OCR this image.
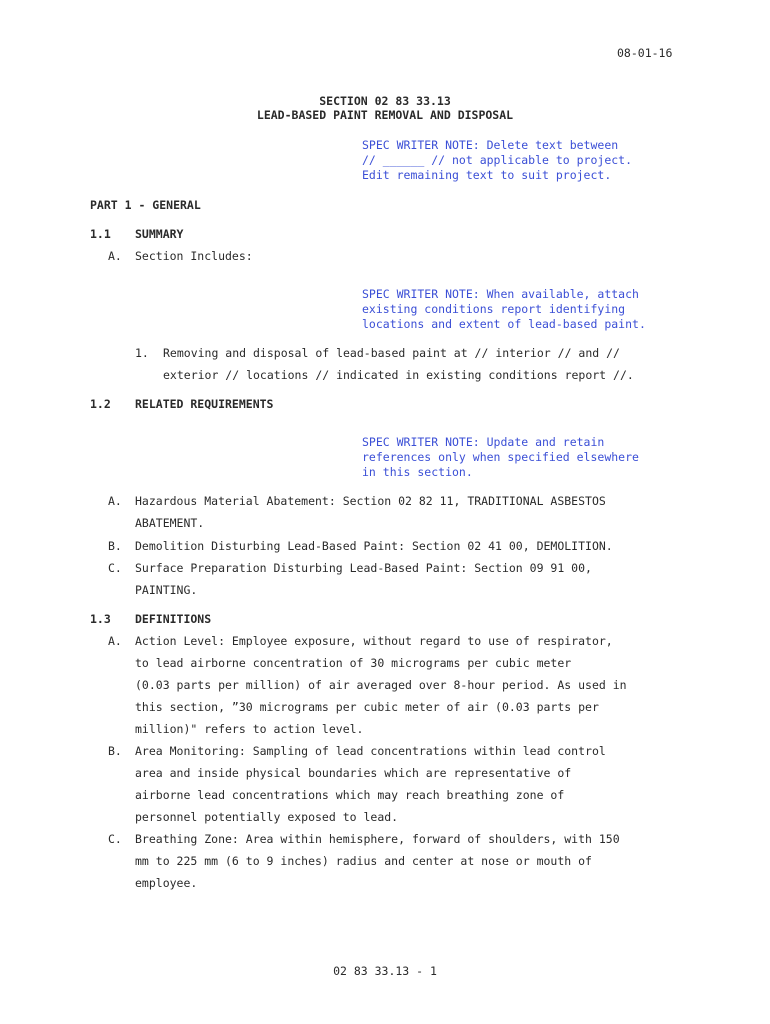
08-01-16
SECTION 02 83 33.13
LEAD-BASED PAINT REMOVAL AND DISPOSAL
SPEC WRITER NOTE: Delete text between
// ______ // not applicable to project.
Edit remaining text to suit project.
PART 1 - GENERAL
1.1 SUMMARY
A. Section Includes:
SPEC WRITER NOTE: When available, attach
existing conditions report identifying
locations and extent of lead-based paint.
1. Removing and disposal of lead-based paint at // interior // and //
exterior // locations // indicated in existing conditions report //.
1.2 RELATED REQUIREMENTS
SPEC WRITER NOTE: Update and retain
references only when specified elsewhere
in this section.
A. Hazardous Material Abatement: Section 02 82 11, TRADITIONAL ASBESTOS
ABATEMENT.
B. Demolition Disturbing Lead-Based Paint: Section 02 41 00, DEMOLITION.
C. Surface Preparation Disturbing Lead-Based Paint: Section 09 91 00,
PAINTING.
1.3 DEFINITIONS
A. Action Level: Employee exposure, without regard to use of respirator,
to lead airborne concentration of 30 micrograms per cubic meter
(0.03 parts per million) of air averaged over 8-hour period. As used in
this section, ”30 micrograms per cubic meter of air (0.03 parts per
million)" refers to action level.
B. Area Monitoring: Sampling of lead concentrations within lead control
area and inside physical boundaries which are representative of
airborne lead concentrations which may reach breathing zone of
personnel potentially exposed to lead.
C. Breathing Zone: Area within hemisphere, forward of shoulders, with 150
mm to 225 mm (6 to 9 inches) radius and center at nose or mouth of
employee.
02 83 33.13 - 1
